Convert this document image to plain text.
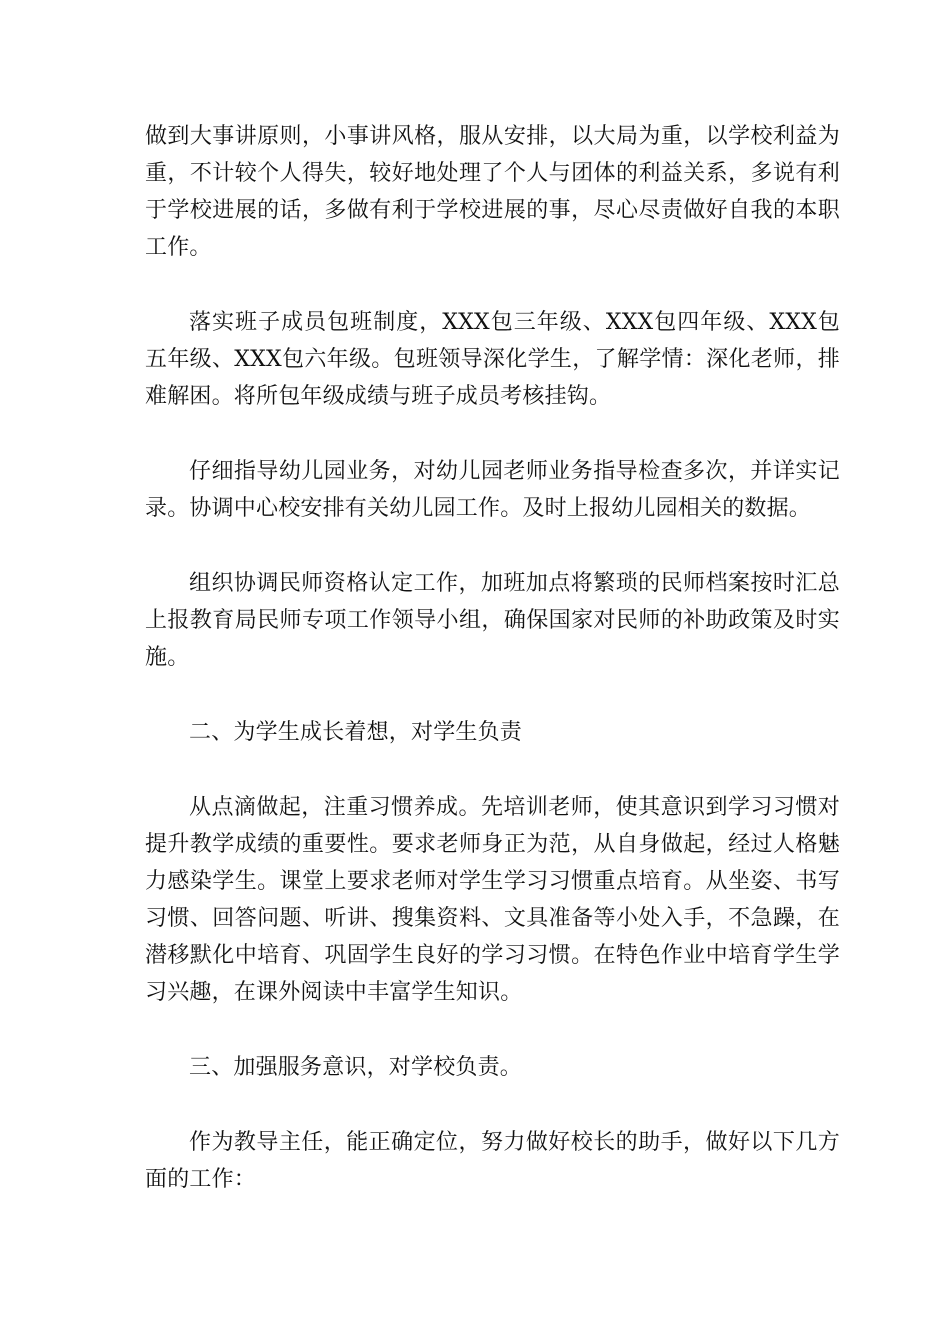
做到大事讲原则，小事讲风格，服从安排，以大局为重，以学校利益为重，不计较个人得失，较好地处理了个人与团体的利益关系，多说有利于学校进展的话，多做有利于学校进展的事，尽心尽责做好自我的本职工作。

落实班子成员包班制度，XXX包三年级、XXX包四年级、XXX包五年级、XXX包六年级。包班领导深化学生，了解学情：深化老师，排难解困。将所包年级成绩与班子成员考核挂钩。

仔细指导幼儿园业务，对幼儿园老师业务指导检查多次，并详实记录。协调中心校安排有关幼儿园工作。及时上报幼儿园相关的数据。

组织协调民师资格认定工作，加班加点将繁琐的民师档案按时汇总上报教育局民师专项工作领导小组，确保国家对民师的补助政策及时实施。

二、为学生成长着想，对学生负责

从点滴做起，注重习惯养成。先培训老师，使其意识到学习习惯对提升教学成绩的重要性。要求老师身正为范，从自身做起，经过人格魅力感染学生。课堂上要求老师对学生学习习惯重点培育。从坐姿、书写习惯、回答问题、听讲、搜集资料、文具准备等小处入手，不急躁，在潜移默化中培育、巩固学生良好的学习习惯。在特色作业中培育学生学习兴趣，在课外阅读中丰富学生知识。

三、加强服务意识，对学校负责。

作为教导主任，能正确定位，努力做好校长的助手，做好以下几方面的工作：
